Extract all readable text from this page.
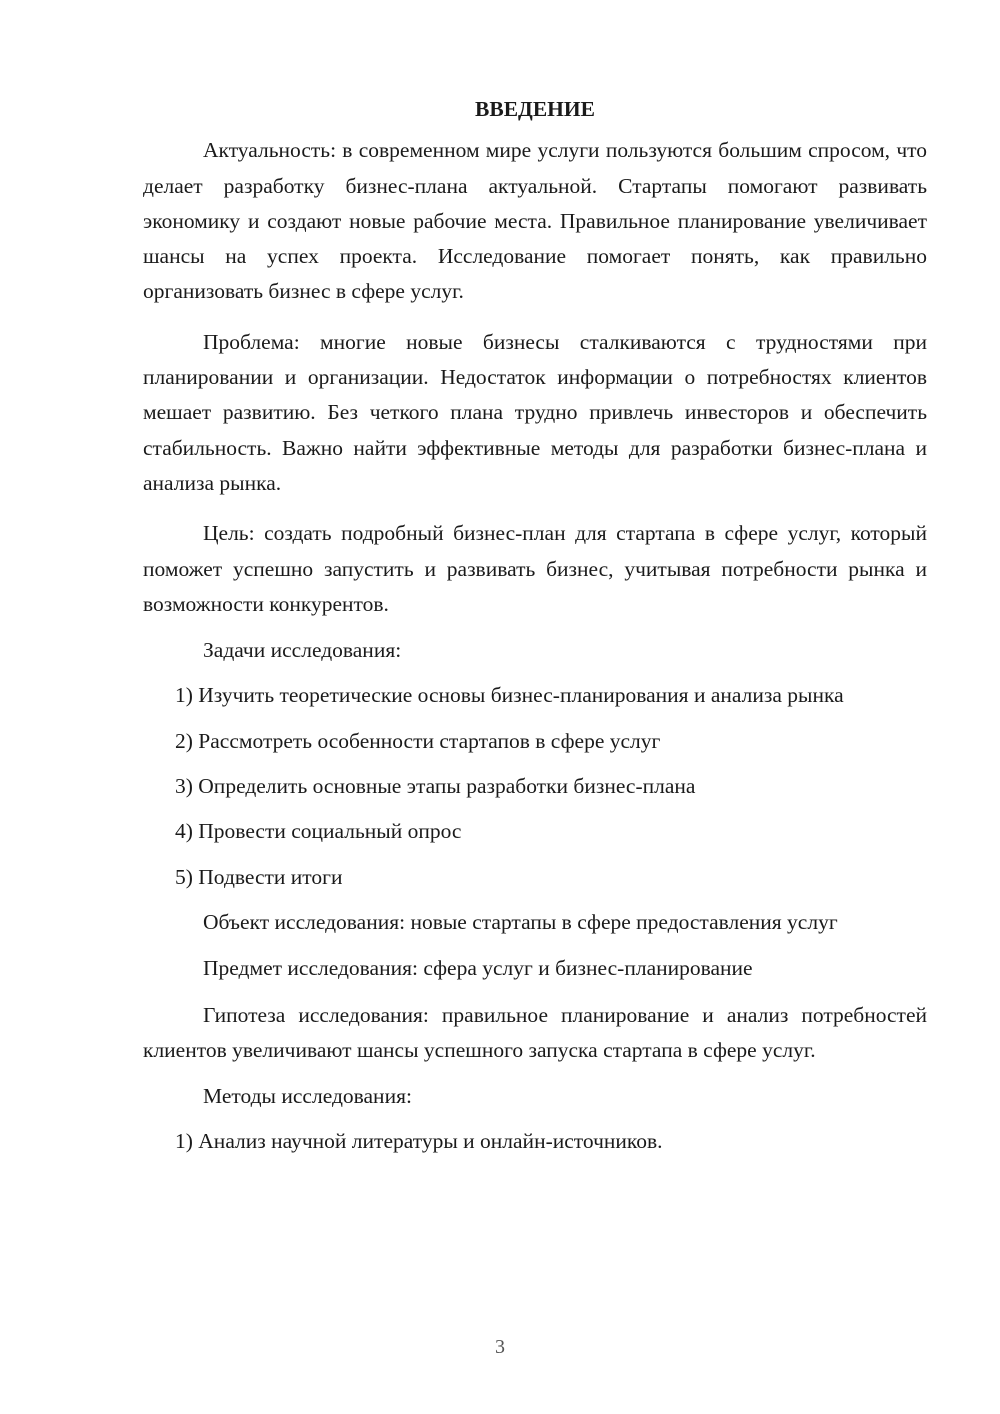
ВВЕДЕНИЕ

Актуальность: в современном мире услуги пользуются большим спросом, что делает разработку бизнес-плана актуальной. Стартапы помогают развивать экономику и создают новые рабочие места. Правильное планирование увеличивает шансы на успех проекта. Исследование помогает понять, как правильно организовать бизнес в сфере услуг.

Проблема: многие новые бизнесы сталкиваются с трудностями при планировании и организации. Недостаток информации о потребностях клиентов мешает развитию. Без четкого плана трудно привлечь инвесторов и обеспечить стабильность. Важно найти эффективные методы для разработки бизнес-плана и анализа рынка.

Цель: создать подробный бизнес-план для стартапа в сфере услуг, который поможет успешно запустить и развивать бизнес, учитывая потребности рынка и возможности конкурентов.

Задачи исследования:

1) Изучить теоретические основы бизнес-планирования и анализа рынка

2) Рассмотреть особенности стартапов в сфере услуг

3) Определить основные этапы разработки бизнес-плана

4) Провести социальный опрос

5) Подвести итоги

Объект исследования: новые стартапы в сфере предоставления услуг

Предмет исследования: сфера услуг и бизнес-планирование

Гипотеза исследования: правильное планирование и анализ потребностей клиентов увеличивают шансы успешного запуска стартапа в сфере услуг.

Методы исследования:

1) Анализ научной литературы и онлайн-источников.

3
